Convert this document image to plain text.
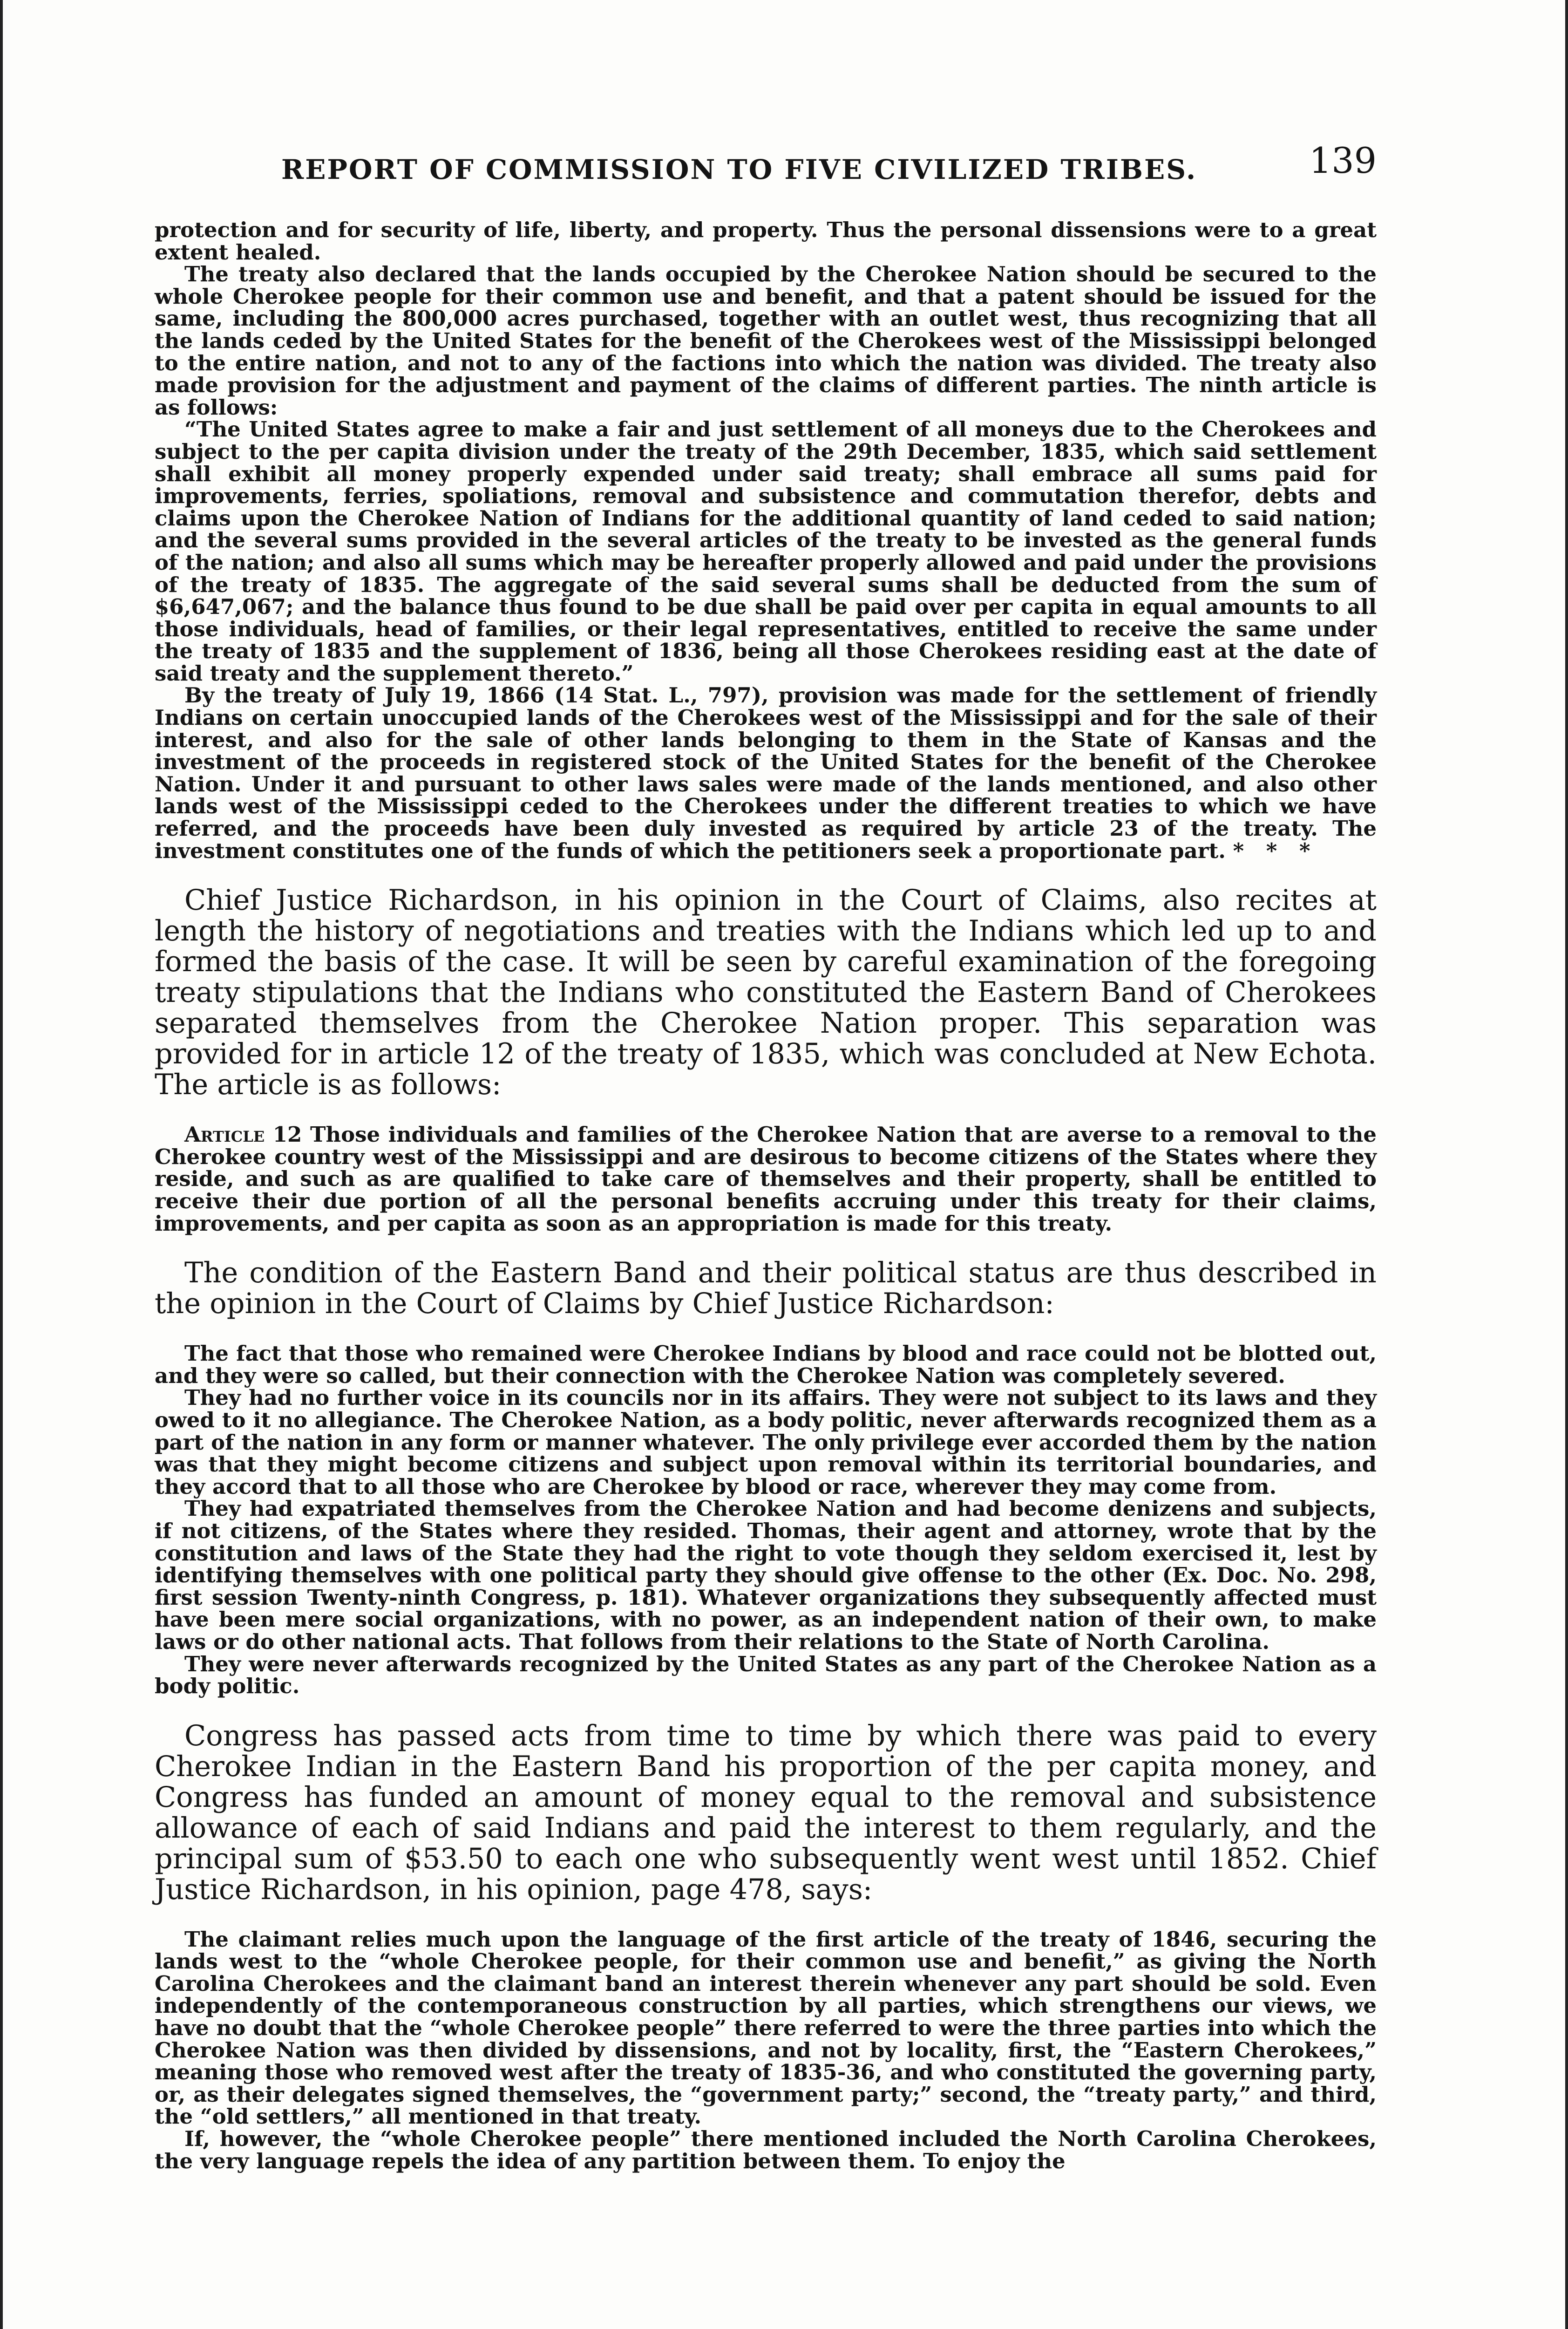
REPORT OF COMMISSION TO FIVE CIVILIZED TRIBES.	139

protection and for security of life, liberty, and property. Thus the personal dissensions were to a great extent healed.

The treaty also declared that the lands occupied by the Cherokee Nation should be secured to the whole Cherokee people for their common use and benefit, and that a patent should be issued for the same, including the 800,000 acres purchased, together with an outlet west, thus recognizing that all the lands ceded by the United States for the benefit of the Cherokees west of the Mississippi belonged to the entire nation, and not to any of the factions into which the nation was divided. The treaty also made provision for the adjustment and payment of the claims of different parties. The ninth article is as follows:

“The United States agree to make a fair and just settlement of all moneys due to the Cherokees and subject to the per capita division under the treaty of the 29th December, 1835, which said settlement shall exhibit all money properly expended under said treaty; shall embrace all sums paid for improvements, ferries, spoliations, removal and subsistence and commutation therefor, debts and claims upon the Cherokee Nation of Indians for the additional quantity of land ceded to said nation; and the several sums provided in the several articles of the treaty to be invested as the general funds of the nation; and also all sums which may be hereafter properly allowed and paid under the provisions of the treaty of 1835. The aggregate of the said several sums shall be deducted from the sum of $6,647,067; and the balance thus found to be due shall be paid over per capita in equal amounts to all those individuals, head of families, or their legal representatives, entitled to receive the same under the treaty of 1835 and the supplement of 1836, being all those Cherokees residing east at the date of said treaty and the supplement thereto.”

By the treaty of July 19, 1866 (14 Stat. L., 797), provision was made for the settlement of friendly Indians on certain unoccupied lands of the Cherokees west of the Mississippi and for the sale of their interest, and also for the sale of other lands belonging to them in the State of Kansas and the investment of the proceeds in registered stock of the United States for the benefit of the Cherokee Nation. Under it and pursuant to other laws sales were made of the lands mentioned, and also other lands west of the Mississippi ceded to the Cherokees under the different treaties to which we have referred, and the proceeds have been duly invested as required by article 23 of the treaty. The investment constitutes one of the funds of which the petitioners seek a proportionate part. * * *

Chief Justice Richardson, in his opinion in the Court of Claims, also recites at length the history of negotiations and treaties with the Indians which led up to and formed the basis of the case. It will be seen by careful examination of the foregoing treaty stipulations that the Indians who constituted the Eastern Band of Cherokees separated themselves from the Cherokee Nation proper. This separation was provided for in article 12 of the treaty of 1835, which was concluded at New Echota. The article is as follows:

Article 12 Those individuals and families of the Cherokee Nation that are averse to a removal to the Cherokee country west of the Mississippi and are desirous to become citizens of the States where they reside, and such as are qualified to take care of themselves and their property, shall be entitled to receive their due portion of all the personal benefits accruing under this treaty for their claims, improvements, and per capita as soon as an appropriation is made for this treaty.

The condition of the Eastern Band and their political status are thus described in the opinion in the Court of Claims by Chief Justice Richardson:

The fact that those who remained were Cherokee Indians by blood and race could not be blotted out, and they were so called, but their connection with the Cherokee Nation was completely severed.

They had no further voice in its councils nor in its affairs. They were not subject to its laws and they owed to it no allegiance. The Cherokee Nation, as a body politic, never afterwards recognized them as a part of the nation in any form or manner whatever. The only privilege ever accorded them by the nation was that they might become citizens and subject upon removal within its territorial boundaries, and they accord that to all those who are Cherokee by blood or race, wherever they may come from.

They had expatriated themselves from the Cherokee Nation and had become denizens and subjects, if not citizens, of the States where they resided. Thomas, their agent and attorney, wrote that by the constitution and laws of the State they had the right to vote though they seldom exercised it, lest by identifying themselves with one political party they should give offense to the other (Ex. Doc. No. 298, first session Twenty-ninth Congress, p. 181). Whatever organizations they subsequently affected must have been mere social organizations, with no power, as an independent nation of their own, to make laws or do other national acts. That follows from their relations to the State of North Carolina.

They were never afterwards recognized by the United States as any part of the Cherokee Nation as a body politic.

Congress has passed acts from time to time by which there was paid to every Cherokee Indian in the Eastern Band his proportion of the per capita money, and Congress has funded an amount of money equal to the removal and subsistence allowance of each of said Indians and paid the interest to them regularly, and the principal sum of $53.50 to each one who subsequently went west until 1852. Chief Justice Richardson, in his opinion, page 478, says:

The claimant relies much upon the language of the first article of the treaty of 1846, securing the lands west to the “whole Cherokee people, for their common use and benefit,” as giving the North Carolina Cherokees and the claimant band an interest therein whenever any part should be sold. Even independently of the contemporaneous construction by all parties, which strengthens our views, we have no doubt that the “whole Cherokee people” there referred to were the three parties into which the Cherokee Nation was then divided by dissensions, and not by locality, first, the “Eastern Cherokees,” meaning those who removed west after the treaty of 1835-36, and who constituted the governing party, or, as their delegates signed themselves, the “government party;” second, the “treaty party,” and third, the “old settlers,” all mentioned in that treaty.

If, however, the “whole Cherokee people” there mentioned included the North Carolina Cherokees, the very language repels the idea of any partition between them. To enjoy the
